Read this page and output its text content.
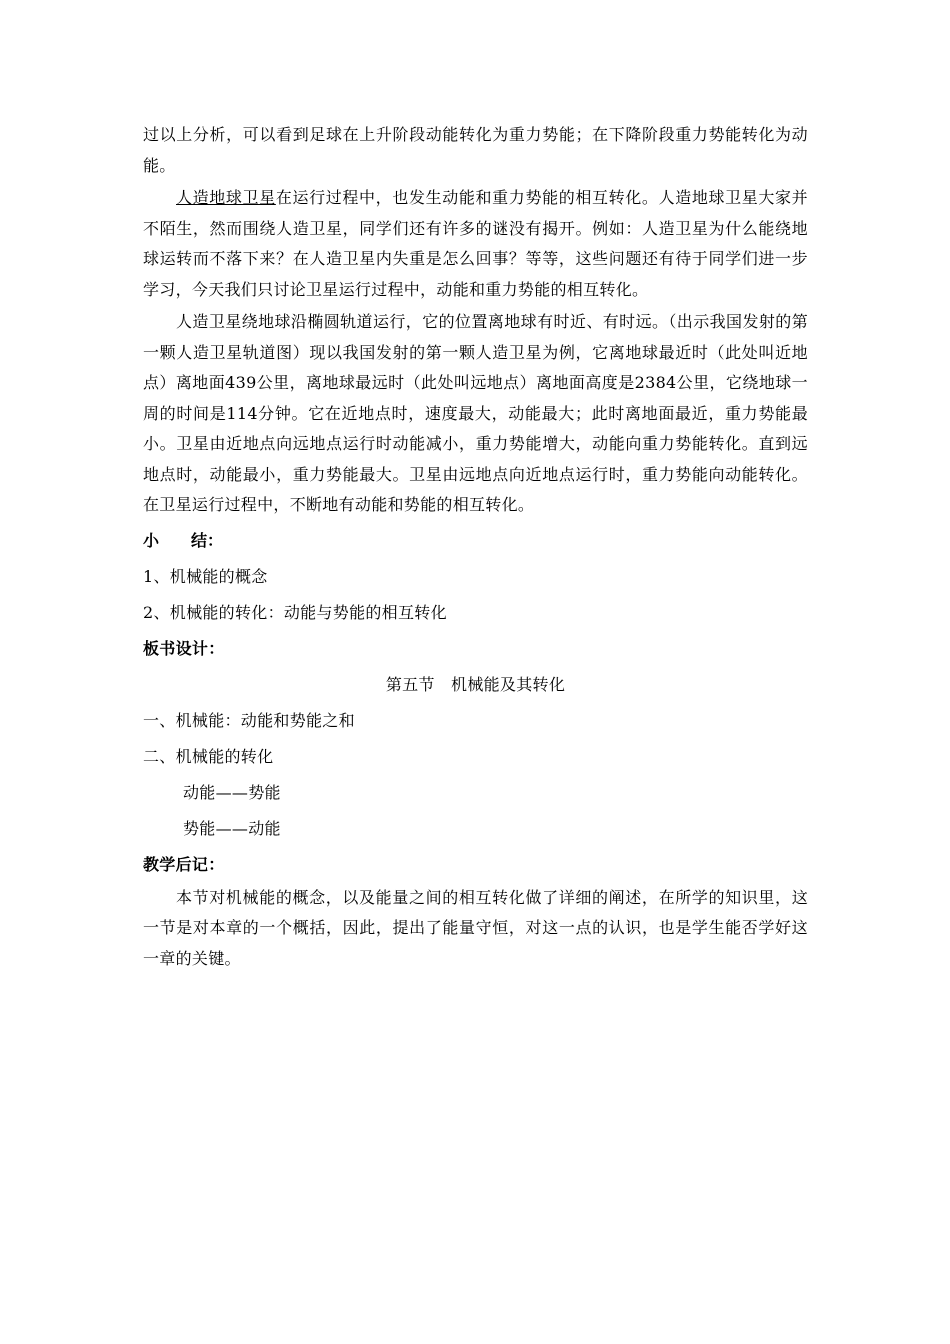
过以上分析，可以看到足球在上升阶段动能转化为重力势能；在下降阶段重力势能转化为动能。

人造地球卫星在运行过程中，也发生动能和重力势能的相互转化。人造地球卫星大家并不陌生，然而围绕人造卫星，同学们还有许多的谜没有揭开。例如：人造卫星为什么能绕地球运转而不落下来？在人造卫星内失重是怎么回事？等等，这些问题还有待于同学们进一步学习，今天我们只讨论卫星运行过程中，动能和重力势能的相互转化。

人造卫星绕地球沿椭圆轨道运行，它的位置离地球有时近、有时远。（出示我国发射的第一颗人造卫星轨道图）现以我国发射的第一颗人造卫星为例，它离地球最近时（此处叫近地点）离地面439公里，离地球最远时（此处叫远地点）离地面高度是2384公里，它绕地球一周的时间是114分钟。它在近地点时，速度最大，动能最大；此时离地面最近，重力势能最小。卫星由近地点向远地点运行时动能减小，重力势能增大，动能向重力势能转化。直到远地点时，动能最小，重力势能最大。卫星由远地点向近地点运行时，重力势能向动能转化。在卫星运行过程中，不断地有动能和势能的相互转化。

小 结：
1、机械能的概念
2、机械能的转化：动能与势能的相互转化
板书设计：
第五节　机械能及其转化
一、机械能：动能和势能之和
二、机械能的转化
动能——势能
势能——动能
教学后记：

本节对机械能的概念，以及能量之间的相互转化做了详细的阐述，在所学的知识里，这一节是对本章的一个概括，因此，提出了能量守恒，对这一点的认识，也是学生能否学好这一章的关键。
